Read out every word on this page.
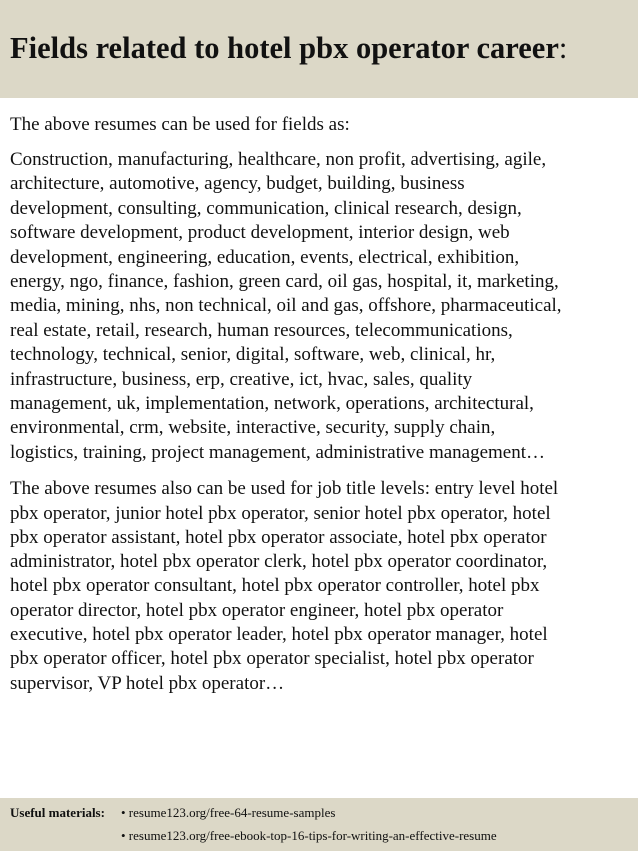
Fields related to hotel pbx operator career:

The above resumes can be used for fields as:

Construction, manufacturing, healthcare, non profit, advertising, agile,
architecture, automotive, agency, budget, building, business
development, consulting, communication, clinical research, design,
software development, product development, interior design, web
development, engineering, education, events, electrical, exhibition,
energy, ngo, finance, fashion, green card, oil gas, hospital, it, marketing,
media, mining, nhs, non technical, oil and gas, offshore, pharmaceutical,
real estate, retail, research, human resources, telecommunications,
technology, technical, senior, digital, software, web, clinical, hr,
infrastructure, business, erp, creative, ict, hvac, sales, quality
management, uk, implementation, network, operations, architectural,
environmental, crm, website, interactive, security, supply chain,
logistics, training, project management, administrative management…

The above resumes also can be used for job title levels: entry level hotel
pbx operator, junior hotel pbx operator, senior hotel pbx operator, hotel
pbx operator assistant, hotel pbx operator associate, hotel pbx operator
administrator, hotel pbx operator clerk, hotel pbx operator coordinator,
hotel pbx operator consultant, hotel pbx operator controller, hotel pbx
operator director, hotel pbx operator engineer, hotel pbx operator
executive, hotel pbx operator leader, hotel pbx operator manager, hotel
pbx operator officer, hotel pbx operator specialist, hotel pbx operator
supervisor, VP hotel pbx operator…

Useful materials: • resume123.org/free-64-resume-samples
• resume123.org/free-ebook-top-16-tips-for-writing-an-effective-resume
